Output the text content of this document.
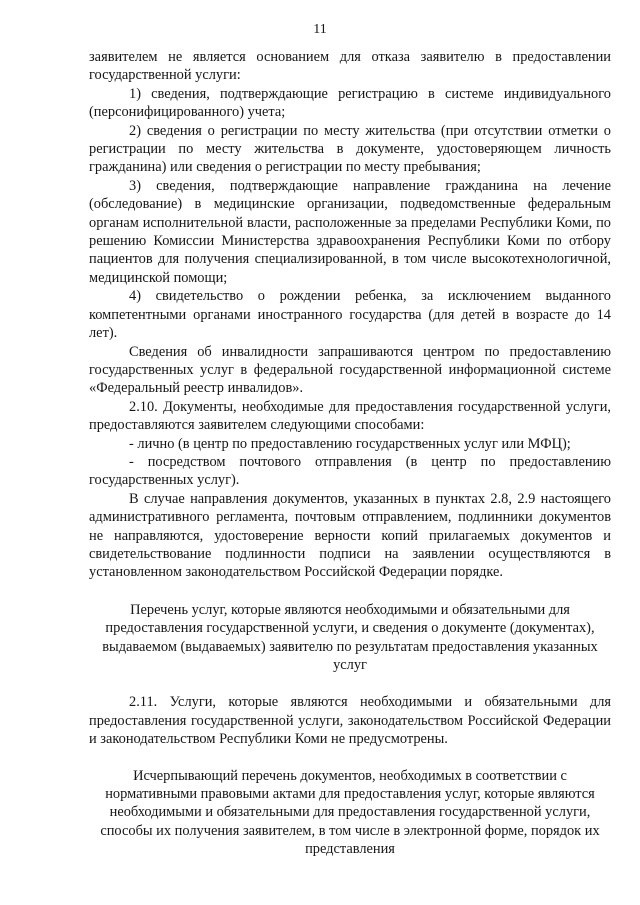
11

заявителем не является основанием для отказа заявителю в предоставлении государственной услуги:

1) сведения, подтверждающие регистрацию в системе индивидуального (персонифицированного) учета;

2) сведения о регистрации по месту жительства (при отсутствии отметки о регистрации по месту жительства в документе, удостоверяющем личность гражданина) или сведения о регистрации по месту пребывания;

3) сведения, подтверждающие направление гражданина на лечение (обследование) в медицинские организации, подведомственные федеральным органам исполнительной власти, расположенные за пределами Республики Коми, по решению Комиссии Министерства здравоохранения Республики Коми по отбору пациентов для получения специализированной, в том числе высокотехнологичной, медицинской помощи;

4) свидетельство о рождении ребенка, за исключением выданного компетентными органами иностранного государства (для детей в возрасте до 14 лет).

Сведения об инвалидности запрашиваются центром по предоставлению государственных услуг в федеральной государственной информационной системе «Федеральный реестр инвалидов».

2.10. Документы, необходимые для предоставления государственной услуги, предоставляются заявителем следующими способами:

- лично (в центр по предоставлению государственных услуг или МФЦ);

- посредством почтового отправления (в центр по предоставлению государственных услуг).

В случае направления документов, указанных в пунктах 2.8, 2.9 настоящего административного регламента, почтовым отправлением, подлинники документов не направляются, удостоверение верности копий прилагаемых документов и свидетельствование подлинности подписи на заявлении осуществляются в установленном законодательством Российской Федерации порядке.

Перечень услуг, которые являются необходимыми и обязательными для предоставления государственной услуги, и сведения о документе (документах), выдаваемом (выдаваемых) заявителю по результатам предоставления указанных услуг

2.11. Услуги, которые являются необходимыми и обязательными для предоставления государственной услуги, законодательством Российской Федерации и законодательством Республики Коми не предусмотрены.

Исчерпывающий перечень документов, необходимых в соответствии с нормативными правовыми актами для предоставления услуг, которые являются необходимыми и обязательными для предоставления государственной услуги, способы их получения заявителем, в том числе в электронной форме, порядок их представления
